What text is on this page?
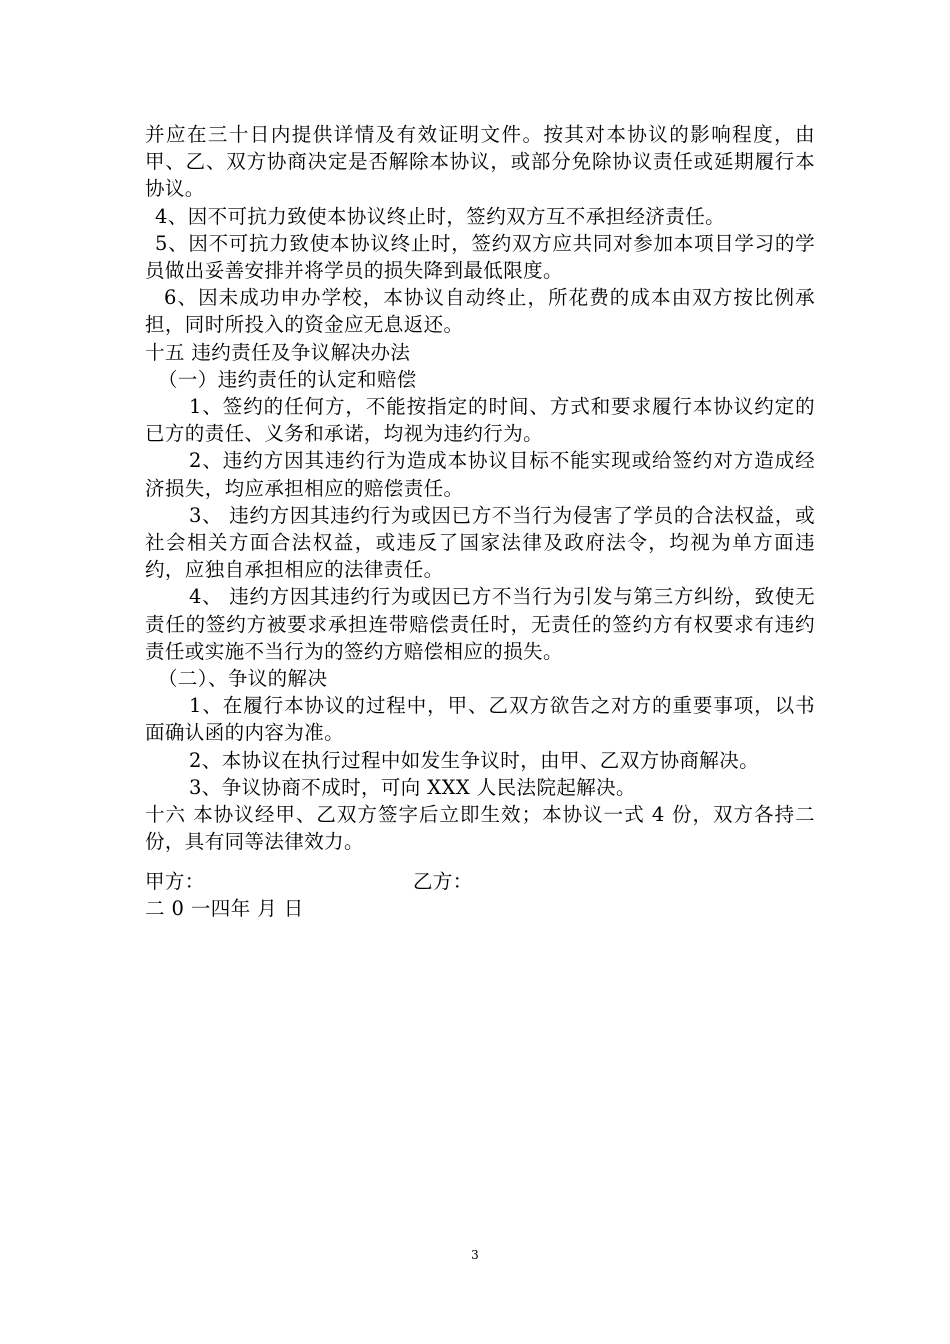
并应在三十日内提供详情及有效证明文件。按其对本协议的影响程度，由甲、乙、双方协商决定是否解除本协议，或部分免除协议责任或延期履行本协议。

4、因不可抗力致使本协议终止时，签约双方互不承担经济责任。

5、因不可抗力致使本协议终止时，签约双方应共同对参加本项目学习的学员做出妥善安排并将学员的损失降到最低限度。

6、因未成功申办学校，本协议自动终止，所花费的成本由双方按比例承担，同时所投入的资金应无息返还。

十五 违约责任及争议解决办法

（一）违约责任的认定和赔偿

1、签约的任何方，不能按指定的时间、方式和要求履行本协议约定的已方的责任、义务和承诺，均视为违约行为。

2、违约方因其违约行为造成本协议目标不能实现或给签约对方造成经济损失，均应承担相应的赔偿责任。

3、 违约方因其违约行为或因已方不当行为侵害了学员的合法权益，或社会相关方面合法权益，或违反了国家法律及政府法令，均视为单方面违约，应独自承担相应的法律责任。

4、 违约方因其违约行为或因已方不当行为引发与第三方纠纷，致使无责任的签约方被要求承担连带赔偿责任时，无责任的签约方有权要求有违约责任或实施不当行为的签约方赔偿相应的损失。

（二）、争议的解决

1、在履行本协议的过程中，甲、乙双方欲告之对方的重要事项，以书面确认函的内容为准。

2、本协议在执行过程中如发生争议时，由甲、乙双方协商解决。

3、争议协商不成时，可向 XXX 人民法院起解决。

十六 本协议经甲、乙双方签字后立即生效；本协议一式 4 份，双方各持二份，具有同等法律效力。

甲方：	乙方：

二 0 一四年 月 日

3
